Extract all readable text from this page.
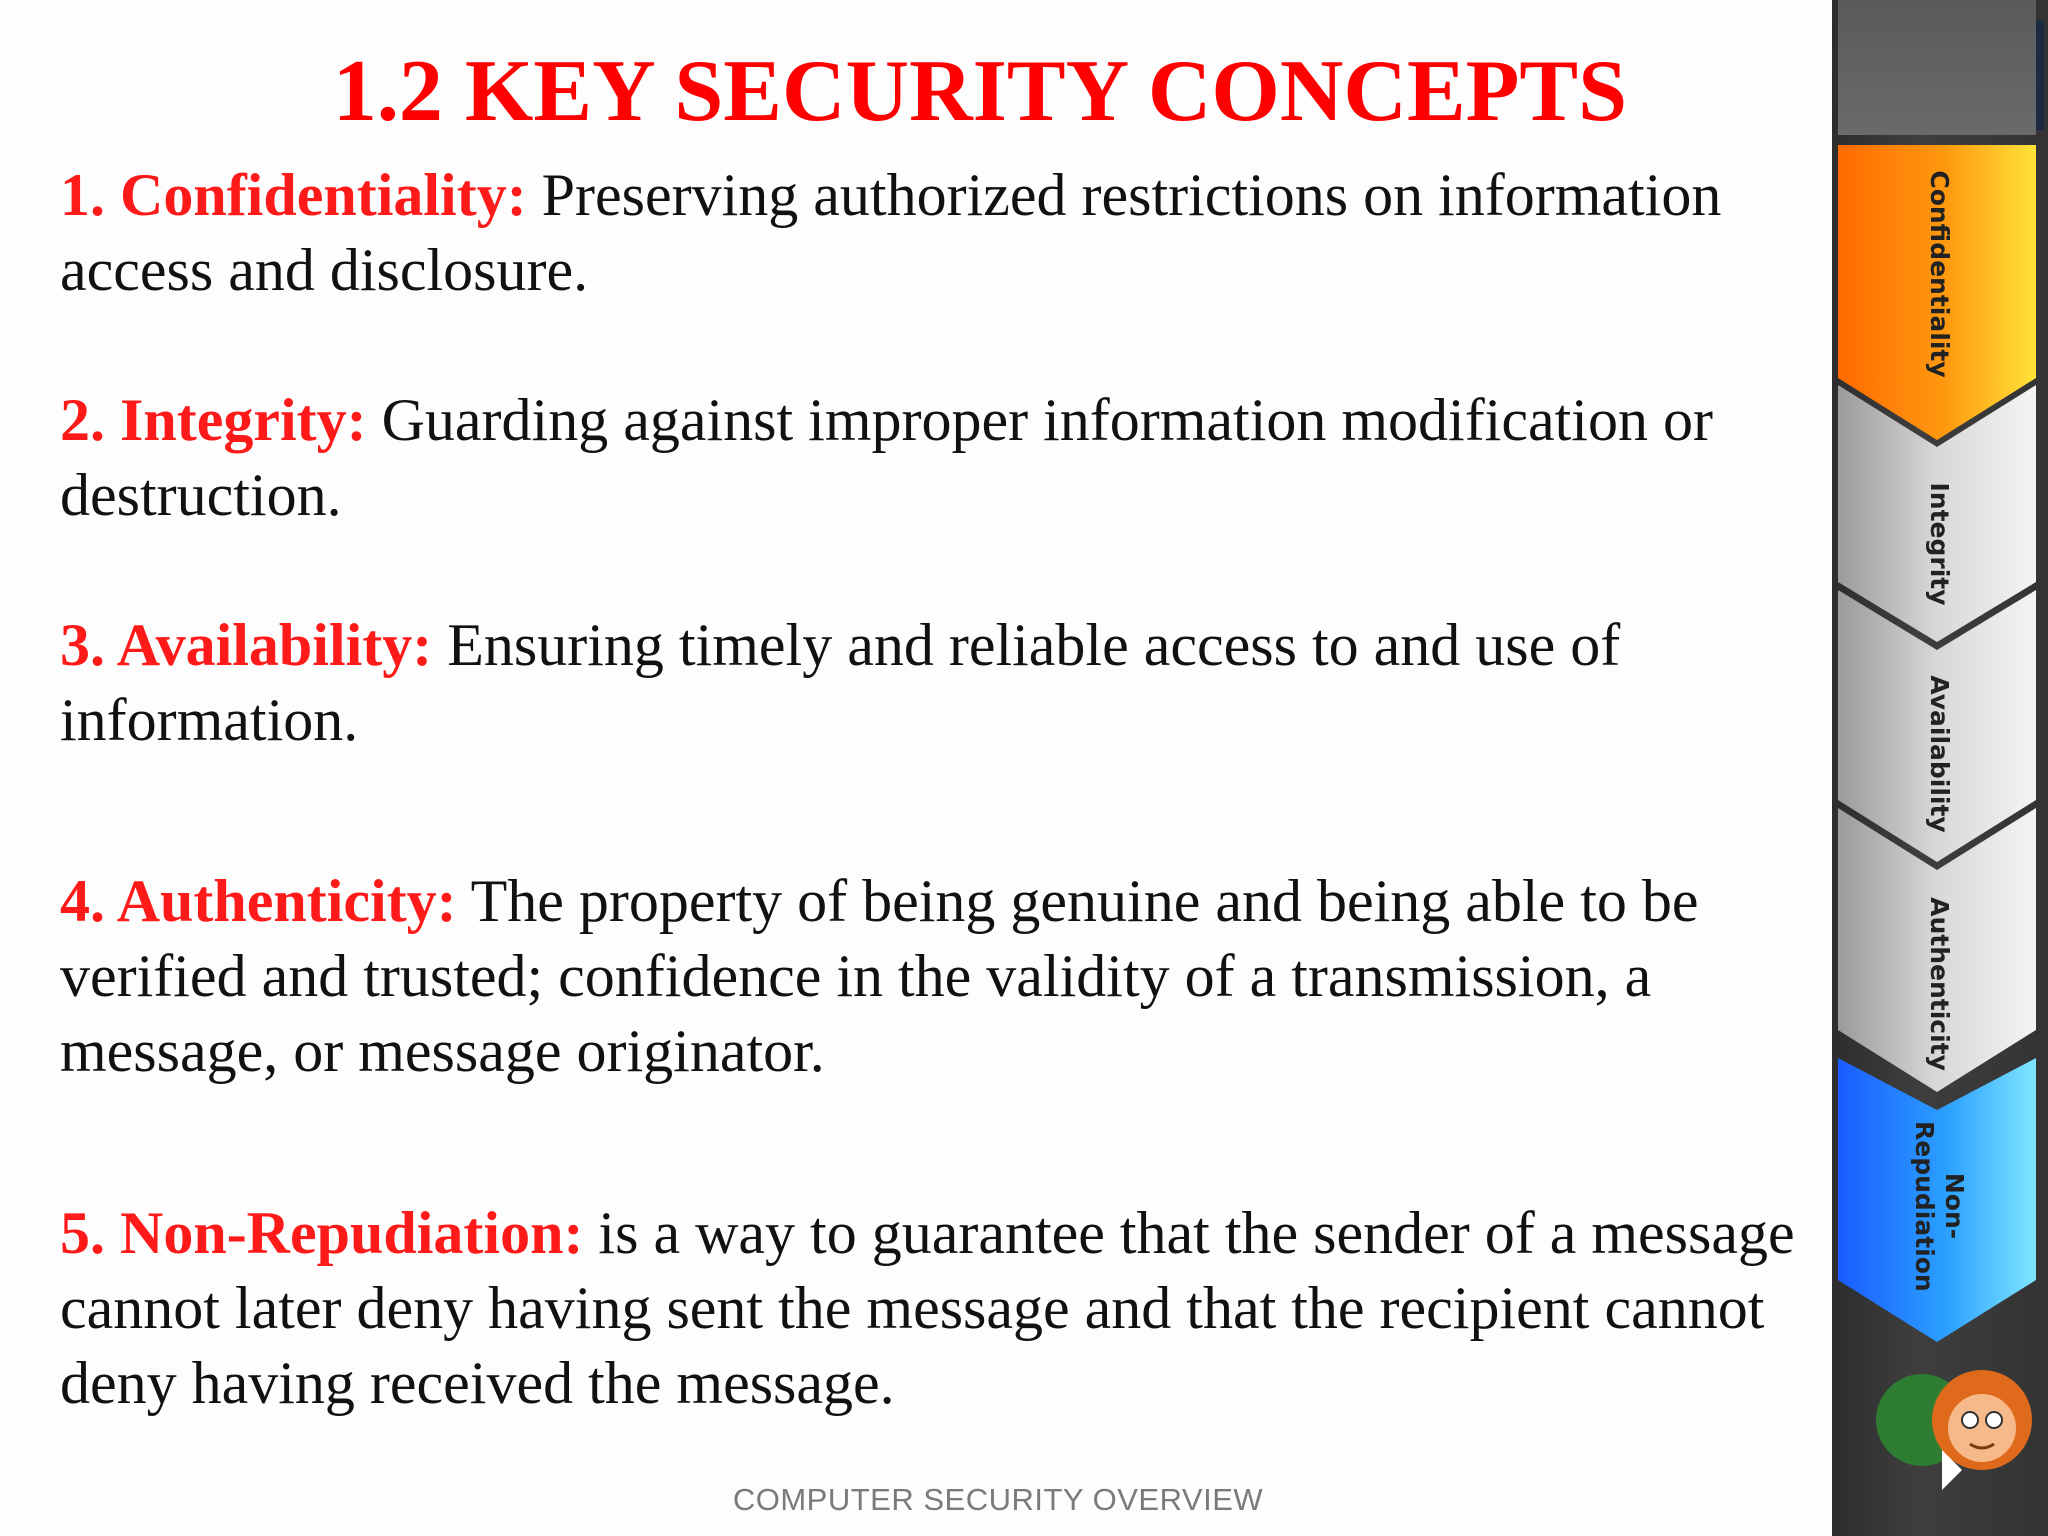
1.2 KEY SECURITY CONCEPTS
1. Confidentiality: Preserving authorized restrictions on information access and disclosure.
2. Integrity: Guarding against improper information modification or destruction.
3. Availability: Ensuring timely and reliable access to and use of information.
4. Authenticity: The property of being genuine and being able to be verified and trusted; confidence in the validity of a transmission, a message, or message originator.
5. Non-Repudiation: is a way to guarantee that the sender of a message cannot later deny having sent the message and that the recipient cannot deny having received the message.
COMPUTER SECURITY OVERVIEW
Confidentiality
Integrity
Availability
Authenticity
Non-
Repudiation
